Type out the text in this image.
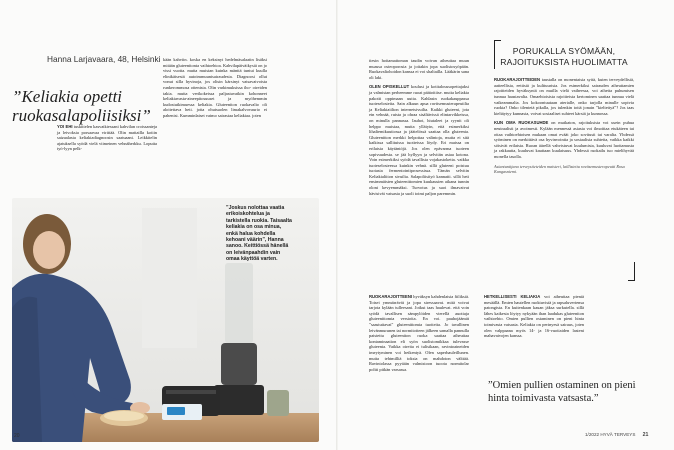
Hanna Larjavaara, 48, Helsinki
”Keliakia opetti ruokasalapoliisiksi”
YOI EHI tuskittelen kasvatkiessani kahvilan croissanteja ja leivoksia porsaavaa virittää. Olin mattailla kotiin saizaalasta keliakiadiagnoosin saatuaani. Leikkitelin ajatuksella syödä vielä viimeinen vehnäherkku. Loputta työ-lyyn pelk-
kään kahviin. koska en keksinyt hedelmäsalaatin lisäksi mitään gluteenitonta vaihtoehtoa. Kahvilapäiväikysiä on jo vissi vuotta. mutta muistan kuinka mänttä tuntui kuulla elinikäisestä autoimmuunisairaudesta. Diagnoosi ollut vonut silla hyvinoja, jos olisin kärsinyt vatsavaivoista runkerommosa ottenista. Olin varkimuksissa iho- oireiden takia. mutta verikokeissa paljastuvatkin kohonneet keliakiavasta-aineepitosuuset ja myöhemmin kudostutkimuessa keliakia. Gluteeniton ruokavalio oli aloitettava heti. jotta ohutsuolen limakalvovaurio ei pahenisi. Kumminlaiset vaimo sairastaa keliakiaa. joten
”Joskus nolottaa vaatia erikoiskohtelua ja tarkistella ruokia. Taisaalta keliakia on osa minua, enkä halua kohdella kehoani väärin”, Hanna sanoo. Keittiössä hänellä on leivänpaahdin vain omaa käyttöä varten.
20
tiesin hoitamattoman taudin voivan aiheuttaa muun muassa osteoporosia ja joitakin jopa suolistosyöpään. Ruokavaliohoidon kanssa ei voi shaltailla. Lääkärin sana oli laki.
OLEN OPISKELLUT koulusi ja kotitaloussopettajaksi ja valmistan perheemme ruoat päätoitiise. mutta keliakia pakotti oppimaan uutta. Kahlasin ruokakauppassa tuoteselosteita. Sain alkuun apua ravitsemusterapeutilta ja Keliakiaiilton internetsivuilta. Kaikki gluteeni, jota ein vehnää, ruista ja ohraa sisältävissä elintarvikkeissa, on minulla pannassa. Iauhot, hiutaleet ja ryynit oli helppo muistaa, mutta yllätyin, että esimerkiksi lihaliemikuutiossa ja jäätelössä saattaa olla gluteenia. Gluteenitton merkki helpottaa valintoja, mutta ei sitä kaikissa sallituissa tuotteissa löydy. Eri maissa on erilaisia käytäntöjä. Jos olen epävarma tuoteen sopivuudesta. se jää hyllyyn ja selvitän asiaa kotona. Voin esimerkiksi syödä tavallista vojakastoketta. vaikka tuoteselosteessa kuinkin vehnä. sillä gluteeni poistuu tuotasta fermentointiprosessissa. Tämän selvitin Keliakialiiton sivuilta. Salapoliisityö kannatti. sillä heti ensimmäisten gluteenittomien kuukausien aikana tunnin oloni kevyemmäksi. Turvotus ja suoi ilmavaivat hävisivät vatsasta ja suoli toimi paljon paremmin.
RUOKARAJOITTEENI hyväksyn kahdenlaisia fiiliksiä. Toisei ymmärrävät ja jopa stressaavat. mitä voivat tarjota kylään tulleesani. Jotkut taas haulevat. että voin syödä tavallisen sämpylöiden vierellä auottaja gluteenittomia versioita. En voi. pauhojäämät ”saastuttavat” gluteenittomia tuotteita. Jo tavallinen leivänmurunen tai normitotteen jälkeen samalla pannulla paistettu gluteeniton ruoka saattaa aiheuttaa kontaminaation eli syön suolistomikkaa tulevasse gluteenia. Vaikka oireita ei tulisikaan, ravintoaineiden imeytyminen voi heikentyä. Olen saperhauleillunen. mutta tehtmilliä toksia on mahdoton välttää. Ravintolassa pyytään valmistoon tuoota normitolar poltti pitkän varsassa.
HETKELLISESTI KELIAKIA voi aiheuttaa pieniä mesäällä. Emten hautellen ruoktuvistä ja rapsaluvertensa patongista. En kuitenkaan kauan jäksa surkutella. sillä lähes kaikesta löytyy nykyään ihan laadukas gluteeniton vaihtoehto. Omien pullien ostaminen on pieni hinta toimivasta vatsasta. Keliakia on perinyesä sairaus, joten olen valppaana myös 14- ja 16-vuotiaiden lasteni mahavaivojen kanssa.
PORUKALLA SYÖMÄÄN, RAJOITUKSISTA HUOLIMATTA
RUOKARAJOITTEIDEN taustalla on monentaisia syitä, kuten terveydellisiä, aatteellisia, eettisiä ja kulttuurisia. Jos esimerkiksi sairauden aiheuttamien rajoitteiden hyväksyntä on muilla vielä vaiheessa, voi aihetta puhumisen tunnua haastavalta. Omaehtoisista rajoitteista kertominen saattaa tunnua vielä vaikeammalta. Jos kokoontuutaan aterialle, onko tarjolla minulle sopivia ruokia? Onko tilenteiä pikalla, jos tulenkin tottä jonain ”kieltettyä”? Jos taas kieltäytyy kunnasta, voivat sosiaaliset suhteet kärsiä ja kunnossa.
KUN OMA RUOKASUHDE on mutkaton, rajoituksista voi usein puhua neutraalisti ja avoimesti. Kylään mennessä asiasta voi ilmoittaa etukäteen tai ottaa vaihtoehtoisen mukaan omat eväät joko sovitusti tai varalta. Yhdessä syöminen on merkittävä osa hyvinvointia ja sosiaalisia suhteita, vaikka kaikki söisivät erilaisia. Ruoan äärellä vahvistuvat kuulumista, kuuluvat luottamusta ja rakkautta, kuuluvat kauttaan kuulaisuus. Yhdessä ruokailu tuo mielihyvää monella tasolla.
Asiantuntijana terveystieteiden maisteri, laillistettu ravitsemusterapeutti Rosa Kangasniemi.
”Omien pullien ostaminen on pieni hinta toimivasta vatsasta.”
1/2022 HYVÄ TERVEYS 21
